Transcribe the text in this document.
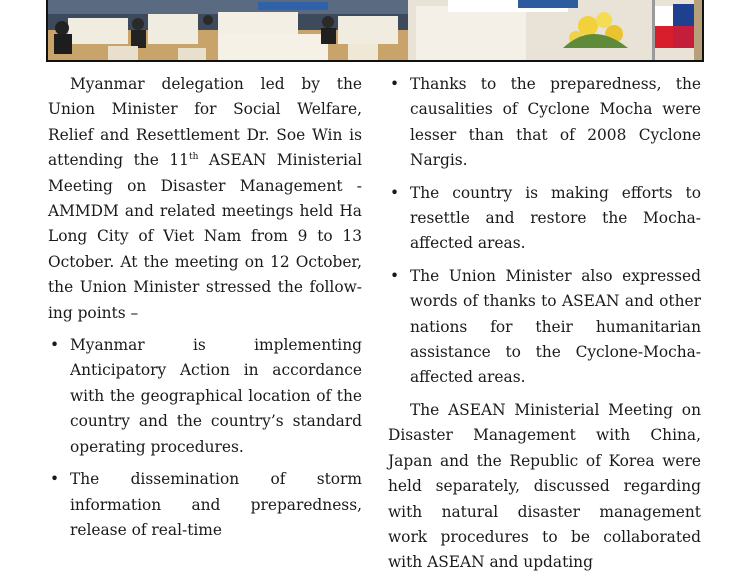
Myanmar delegation led by the Union Minister for Social Welfare, Relief and Resettlement Dr. Soe Win is attending the 11th ASEAN Ministerial Meeting on Disaster Management - AMMDM and related meetings held Ha Long City of Viet Nam from 9 to 13 October. At the meeting on 12 October, the Union Minister stressed the following points –

• Myanmar is implementing Anticipatory Action in accordance with the geographical location of the country and the country’s standard operating procedures.
• The dissemination of storm information and preparedness, release of real-time
• Thanks to the preparedness, the causalities of Cyclone Mocha were lesser than that of 2008 Cyclone Nargis.
• The country is making efforts to resettle and restore the Mocha-affected areas.
• The Union Minister also expressed words of thanks to ASEAN and other nations for their humanitarian assistance to the Cyclone-Mocha-affected areas.

The ASEAN Ministerial Meeting on Disaster Management with China, Japan and the Republic of Korea were held separately, discussed regarding with natural disaster management work procedures to be collaborated with ASEAN and updating
